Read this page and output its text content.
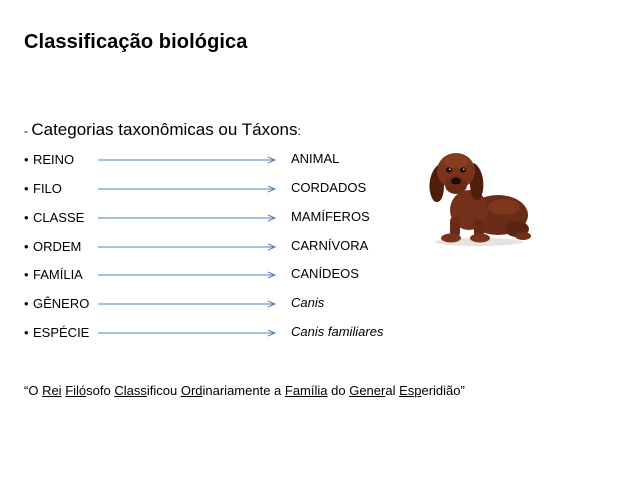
Classificação biológica
- Categorias taxonômicas ou Táxons:
• REINO	ANIMAL
• FILO	CORDADOS
• CLASSE	MAMÍFEROS
• ORDEM	CARNÍVORA
• FAMÍLIA	CANÍDEOS
• GÊNERO	Canis
• ESPÉCIE	Canis familiares
“O Rei Filósofo Classificou Ordinariamente a Família do General Esperidião”
